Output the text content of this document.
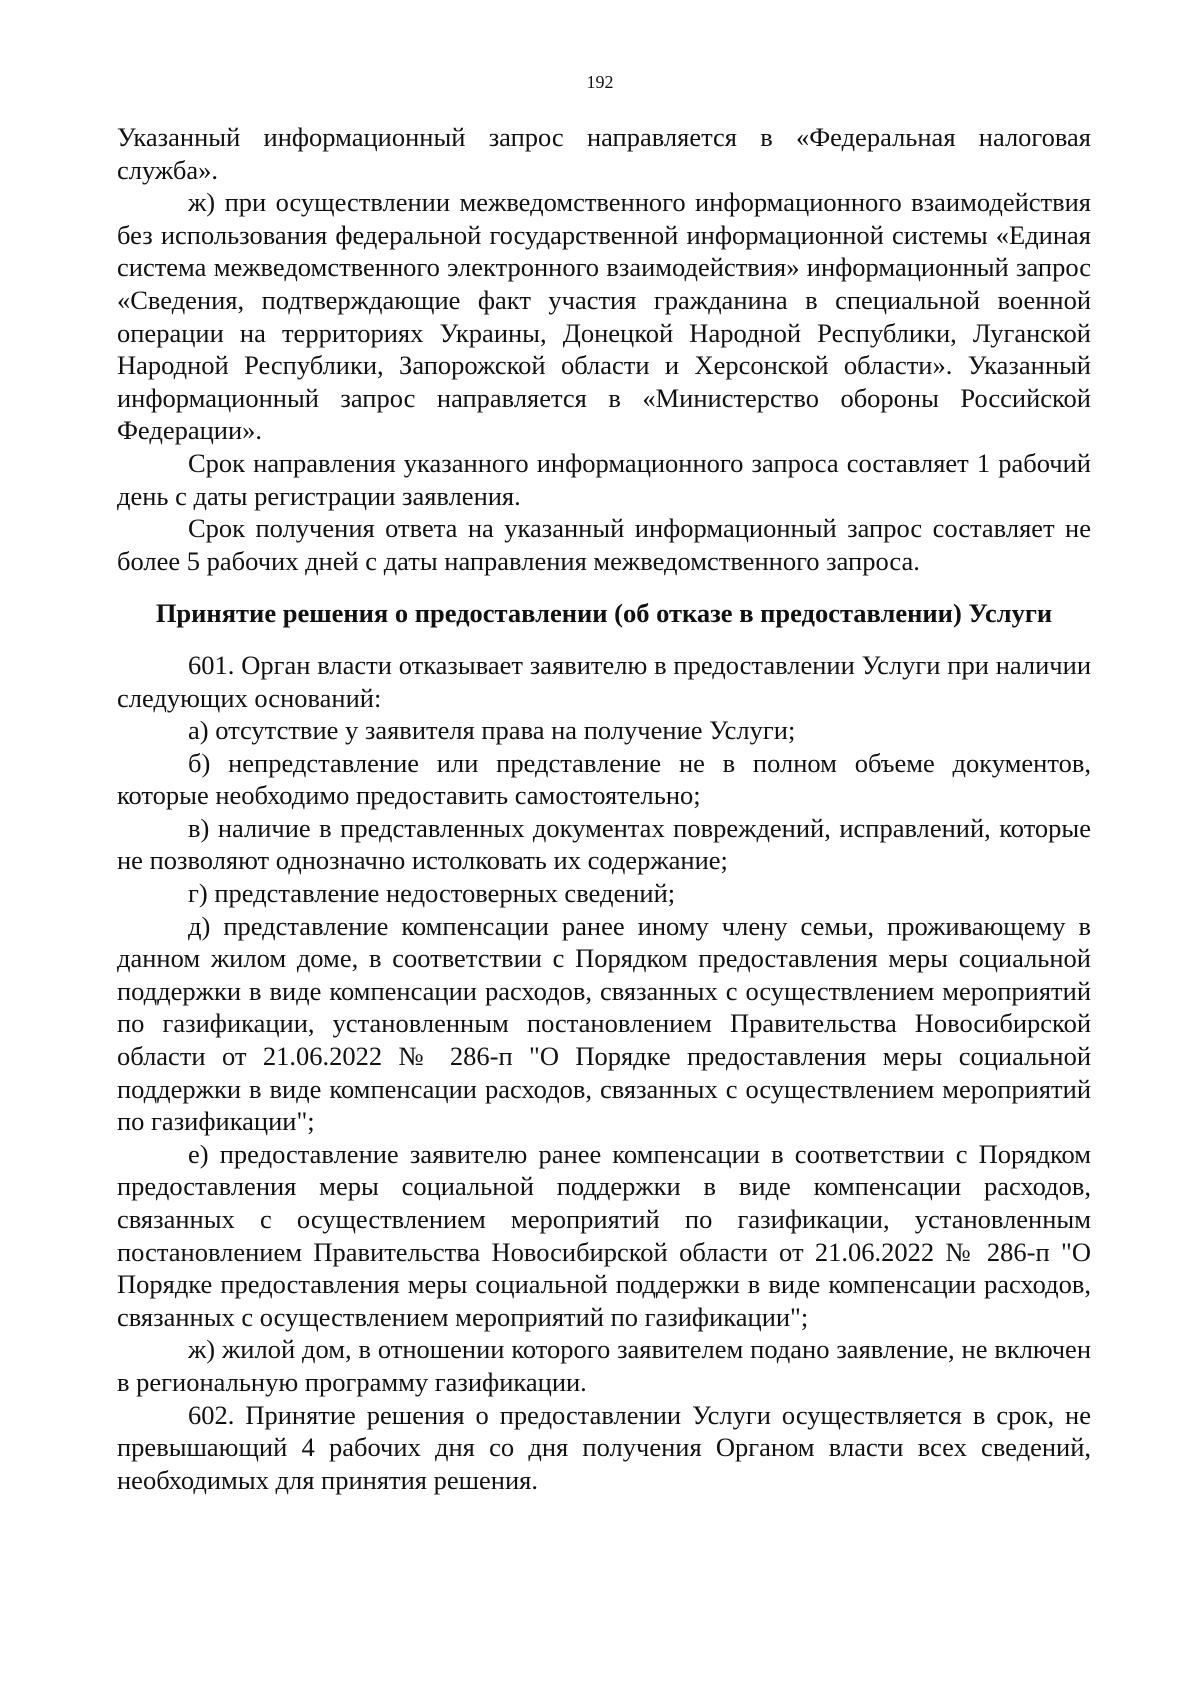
192

Указанный информационный запрос направляется в «Федеральная налоговая служба».

ж) при осуществлении межведомственного информационного взаимодействия без использования федеральной государственной информационной системы «Единая система межведомственного электронного взаимодействия» информационный запрос «Сведения, подтверждающие факт участия гражданина в специальной военной операции на территориях Украины, Донецкой Народной Республики, Луганской Народной Республики, Запорожской области и Херсонской области». Указанный информационный запрос направляется в «Министерство обороны Российской Федерации».

Срок направления указанного информационного запроса составляет 1 рабочий день с даты регистрации заявления.

Срок получения ответа на указанный информационный запрос составляет не более 5 рабочих дней с даты направления межведомственного запроса.

Принятие решения о предоставлении (об отказе в предоставлении) Услуги

601. Орган власти отказывает заявителю в предоставлении Услуги при наличии следующих оснований:

а) отсутствие у заявителя права на получение Услуги;

б) непредставление или представление не в полном объеме документов, которые необходимо предоставить самостоятельно;

в) наличие в представленных документах повреждений, исправлений, которые не позволяют однозначно истолковать их содержание;

г) представление недостоверных сведений;

д) представление компенсации ранее иному члену семьи, проживающему в данном жилом доме, в соответствии с Порядком предоставления меры социальной поддержки в виде компенсации расходов, связанных с осуществлением мероприятий по газификации, установленным постановлением Правительства Новосибирской области от 21.06.2022 № 286-п "О Порядке предоставления меры социальной поддержки в виде компенсации расходов, связанных с осуществлением мероприятий по газификации";

е) предоставление заявителю ранее компенсации в соответствии с Порядком предоставления меры социальной поддержки в виде компенсации расходов, связанных с осуществлением мероприятий по газификации, установленным постановлением Правительства Новосибирской области от 21.06.2022 № 286-п "О Порядке предоставления меры социальной поддержки в виде компенсации расходов, связанных с осуществлением мероприятий по газификации";

ж) жилой дом, в отношении которого заявителем подано заявление, не включен в региональную программу газификации.

602. Принятие решения о предоставлении Услуги осуществляется в срок, не превышающий 4 рабочих дня со дня получения Органом власти всех сведений, необходимых для принятия решения.
